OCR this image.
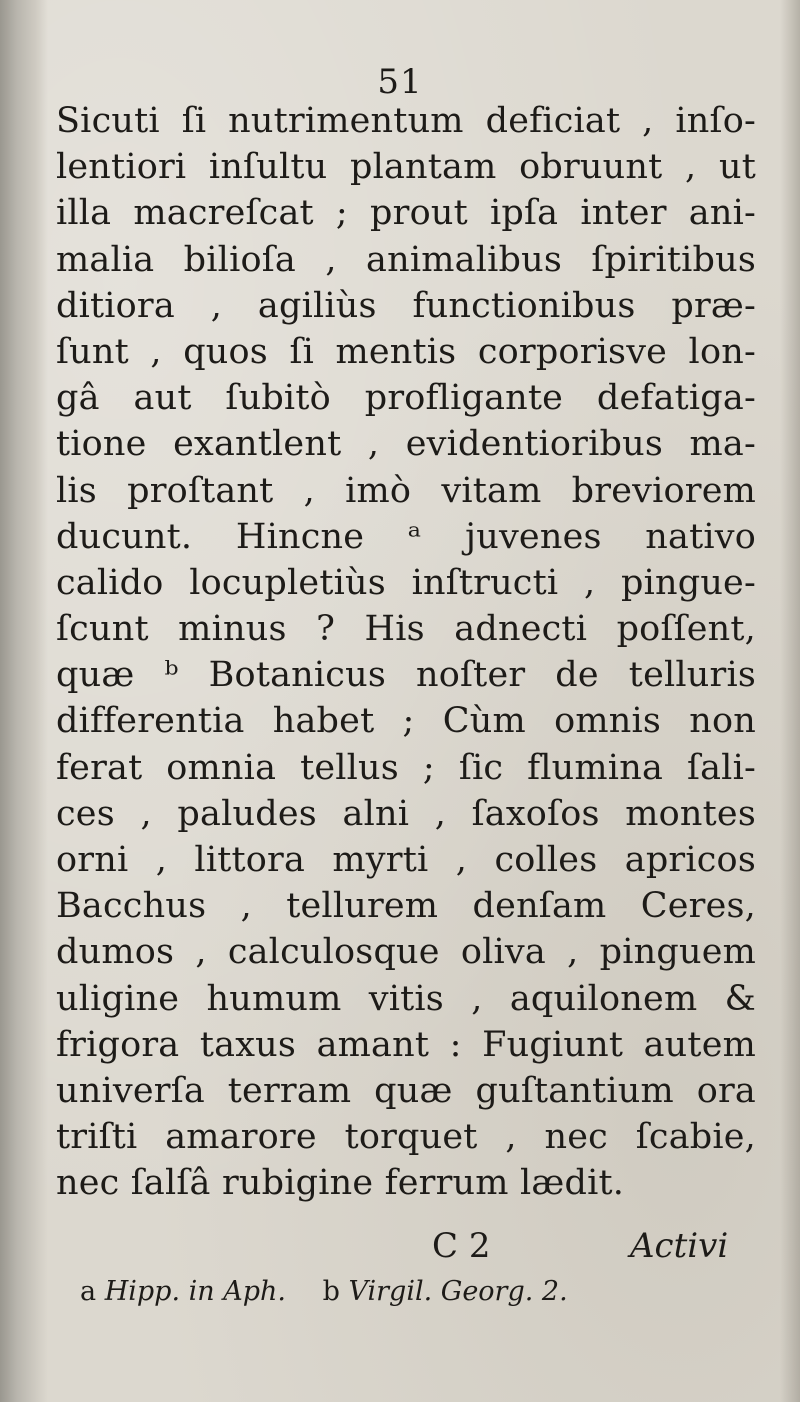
51
Sicuti ſi nutrimentum deficiat , inſo-
lentiori inſultu plantam obruunt , ut
illa macreſcat ; prout ipſa inter ani-
malia bilioſa , animalibus ſpiritibus
ditiora , agiliùs functionibus præ-
ſunt , quos ſi mentis corporisve lon-
gâ aut ſubitò profligante defatiga-
tione exantlent , evidentioribus ma-
lis proſtant , imò vitam breviorem
ducunt. Hincne ᵃ juvenes nativo
calido locupletiùs inſtructi , pingue-
ſcunt minus ? His adnecti poſſent,
quæ ᵇ Botanicus noſter de telluris
differentia habet ; Cùm omnis non
ferat omnia tellus ; ſic flumina ſali-
ces , paludes alni , ſaxoſos montes
orni , littora myrti , colles apricos
Bacchus , tellurem denſam Ceres,
dumos , calculosque oliva , pinguem
uligine humum vitis , aquilonem &
frigora taxus amant : Fugiunt autem
univerſa terram quæ guſtantium ora
triſti amarore torquet , nec ſcabie,
nec ſalſâ rubigine ferrum lædit.
C 2	Activi
a Hipp. in Aph. b Virgil. Georg. 2.
